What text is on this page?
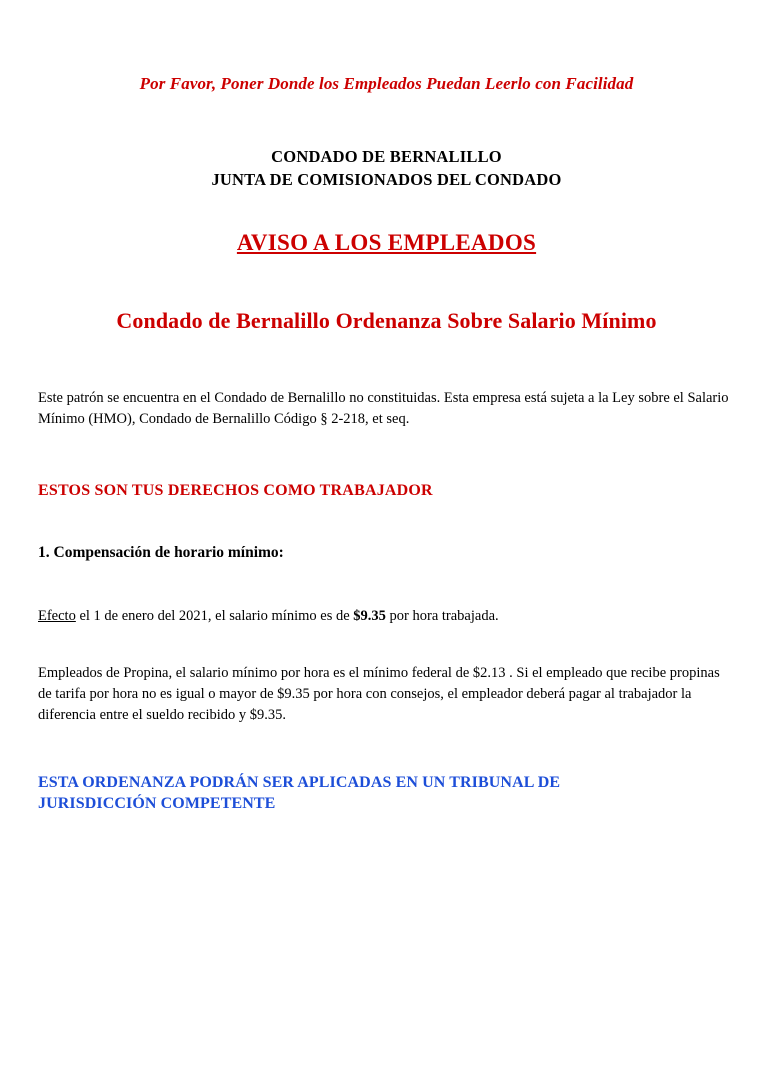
Por Favor, Poner Donde los Empleados Puedan Leerlo con Facilidad
CONDADO DE BERNALILLO
JUNTA DE COMISIONADOS DEL CONDADO
AVISO A LOS EMPLEADOS
Condado de Bernalillo Ordenanza Sobre Salario Mínimo
Este patrón se encuentra en el Condado de Bernalillo no constituidas. Esta empresa está sujeta a la Ley sobre el Salario Mínimo (HMO), Condado de Bernalillo Código § 2-218, et seq.
ESTOS SON TUS DERECHOS COMO TRABAJADOR
1. Compensación de horario mínimo:
Efecto el 1 de enero del 2021, el salario mínimo es de $9.35 por hora trabajada.
Empleados de Propina, el salario mínimo por hora es el mínimo federal de $2.13 . Si el empleado que recibe propinas de tarifa por hora no es igual o mayor de $9.35 por hora con consejos, el empleador deberá pagar al trabajador la diferencia entre el sueldo recibido y $9.35.
ESTA ORDENANZA PODRÁN SER APLICADAS EN UN TRIBUNAL DE
JURISDICCIÓN COMPETENTE
